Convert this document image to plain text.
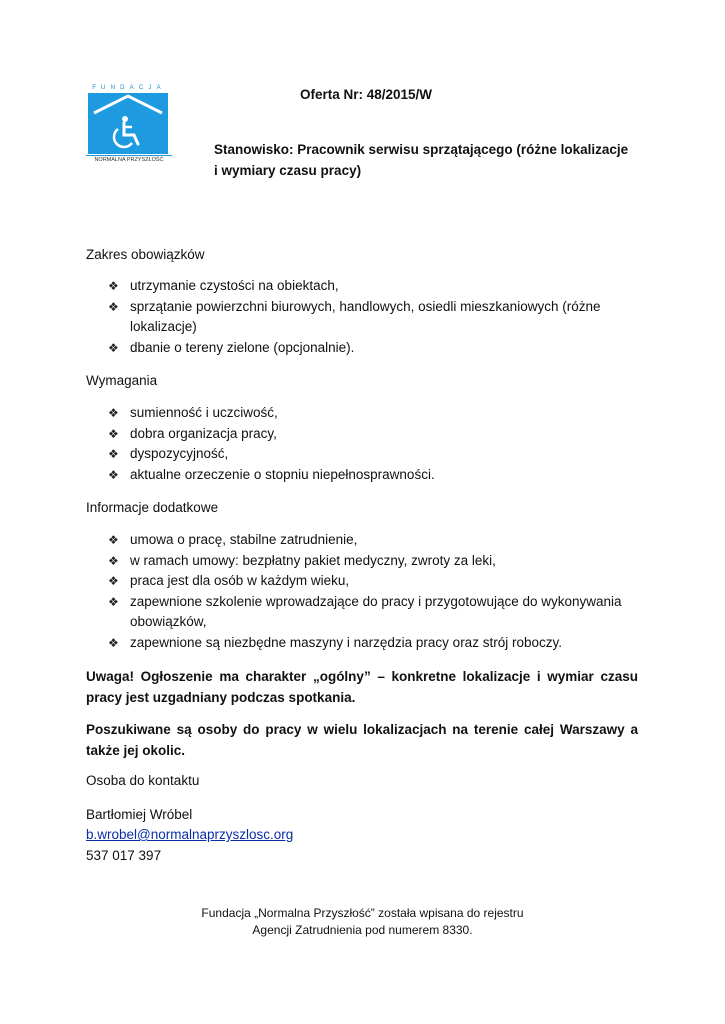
FUNDACJA
NORMALNA PRZYSZŁOŚĆ
Oferta Nr: 48/2015/W
Stanowisko: Pracownik serwisu sprzątającego (różne lokalizacje i wymiary czasu pracy)
Zakres obowiązków
❖ utrzymanie czystości na obiektach,
❖ sprzątanie powierzchni biurowych, handlowych, osiedli mieszkaniowych (różne lokalizacje)
❖ dbanie o tereny zielone (opcjonalnie).
Wymagania
❖ sumienność i uczciwość,
❖ dobra organizacja pracy,
❖ dyspozycyjność,
❖ aktualne orzeczenie o stopniu niepełnosprawności.
Informacje dodatkowe
❖ umowa o pracę, stabilne zatrudnienie,
❖ w ramach umowy: bezpłatny pakiet medyczny, zwroty za leki,
❖ praca jest dla osób w każdym wieku,
❖ zapewnione szkolenie wprowadzające do pracy i przygotowujące do wykonywania obowiązków,
❖ zapewnione są niezbędne maszyny i narzędzia pracy oraz strój roboczy.
Uwaga! Ogłoszenie ma charakter „ogólny” – konkretne lokalizacje i wymiar czasu pracy jest uzgadniany podczas spotkania.
Poszukiwane są osoby do pracy w wielu lokalizacjach na terenie całej Warszawy a także jej okolic.
Osoba do kontaktu
Bartłomiej Wróbel
b.wrobel@normalnaprzyszlosc.org
537 017 397
Fundacja „Normalna Przyszłość” została wpisana do rejestru
Agencji Zatrudnienia pod numerem 8330.
